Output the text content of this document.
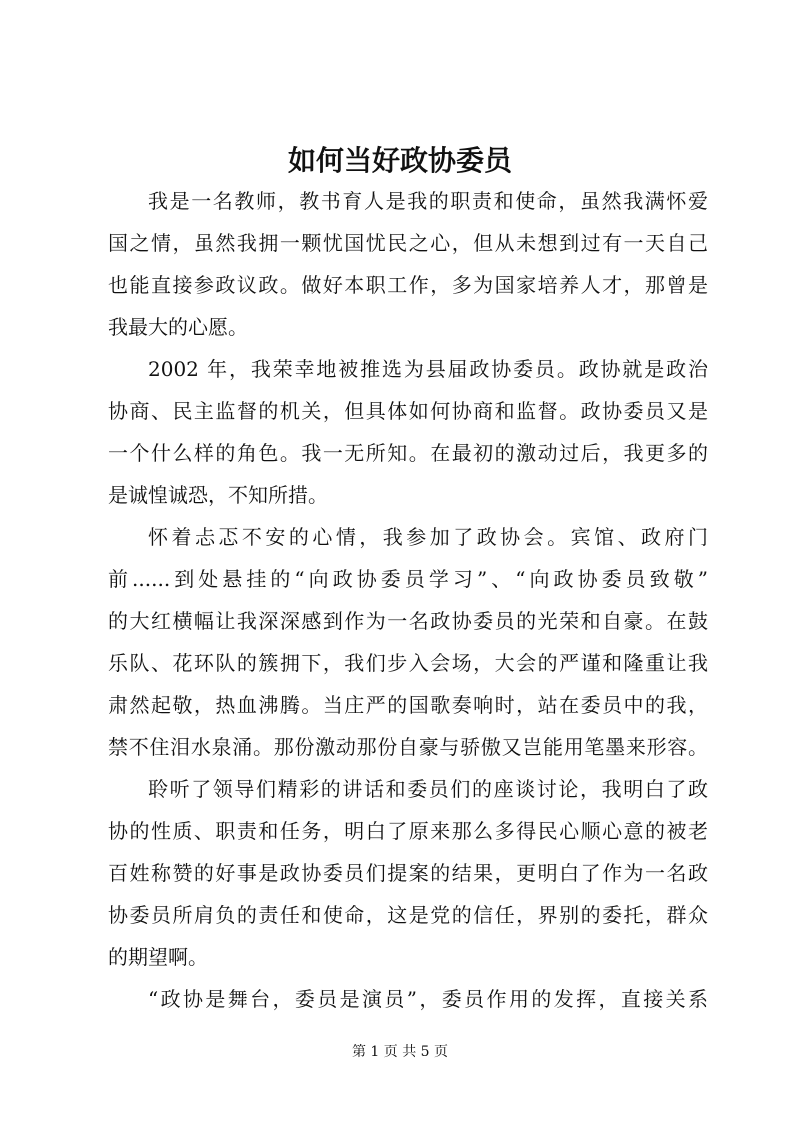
如何当好政协委员
我是一名教师，教书育人是我的职责和使命，虽然我满怀爱
国之情，虽然我拥一颗忧国忧民之心，但从未想到过有一天自己
也能直接参政议政。做好本职工作，多为国家培养人才，那曾是
我最大的心愿。
2002 年，我荣幸地被推选为县届政协委员。政协就是政治
协商、民主监督的机关，但具体如何协商和监督。政协委员又是
一个什么样的角色。我一无所知。在最初的激动过后，我更多的
是诚惶诚恐，不知所措。
怀着忐忑不安的心情，我参加了政协会。宾馆、政府门
前......到处悬挂的“向政协委员学习”、“向政协委员致敬”
的大红横幅让我深深感到作为一名政协委员的光荣和自豪。在鼓
乐队、花环队的簇拥下，我们步入会场，大会的严谨和隆重让我
肃然起敬，热血沸腾。当庄严的国歌奏响时，站在委员中的我，
禁不住泪水泉涌。那份激动那份自豪与骄傲又岂能用笔墨来形容。
聆听了领导们精彩的讲话和委员们的座谈讨论，我明白了政
协的性质、职责和任务，明白了原来那么多得民心顺心意的被老
百姓称赞的好事是政协委员们提案的结果，更明白了作为一名政
协委员所肩负的责任和使命，这是党的信任，界别的委托，群众
的期望啊。
“政协是舞台，委员是演员”，委员作用的发挥，直接关系
第 1 页 共 5 页
